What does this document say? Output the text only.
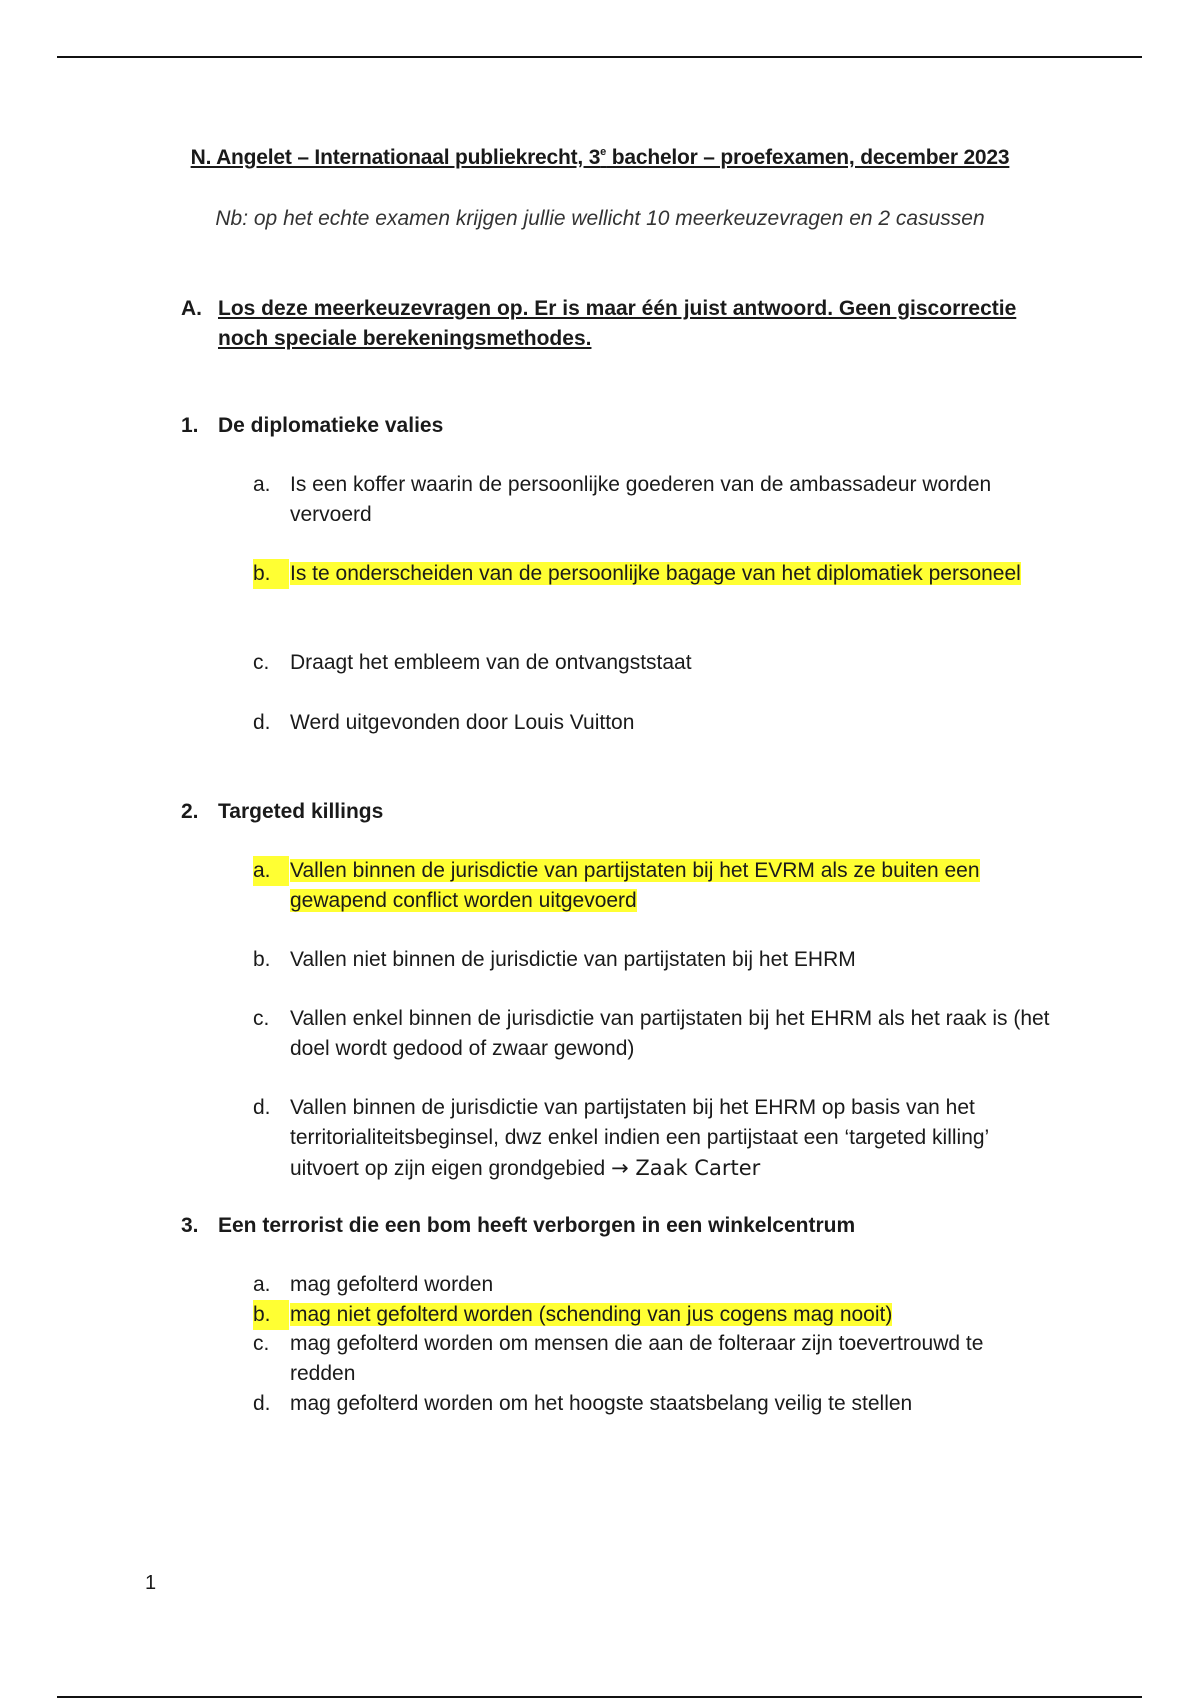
N. Angelet – Internationaal publiekrecht, 3e bachelor – proefexamen, december 2023
Nb: op het echte examen krijgen jullie wellicht 10 meerkeuzevragen en 2 casussen
A. Los deze meerkeuzevragen op. Er is maar één juist antwoord. Geen giscorrectie noch speciale berekeningsmethodes.
1. De diplomatieke valies
a. Is een koffer waarin de persoonlijke goederen van de ambassadeur worden vervoerd
b. Is te onderscheiden van de persoonlijke bagage van het diplomatiek personeel
c. Draagt het embleem van de ontvangststaat
d. Werd uitgevonden door Louis Vuitton
2. Targeted killings
a. Vallen binnen de jurisdictie van partijstaten bij het EVRM als ze buiten een gewapend conflict worden uitgevoerd
b. Vallen niet binnen de jurisdictie van partijstaten bij het EHRM
c. Vallen enkel binnen de jurisdictie van partijstaten bij het EHRM als het raak is (het doel wordt gedood of zwaar gewond)
d. Vallen binnen de jurisdictie van partijstaten bij het EHRM op basis van het territorialiteitsbeginsel, dwz enkel indien een partijstaat een ‘targeted killing’ uitvoert op zijn eigen grondgebied → Zaak Carter
3. Een terrorist die een bom heeft verborgen in een winkelcentrum
a. mag gefolterd worden
b. mag niet gefolterd worden (schending van jus cogens mag nooit)
c. mag gefolterd worden om mensen die aan de folteraar zijn toevertrouwd te redden
d. mag gefolterd worden om het hoogste staatsbelang veilig te stellen
1
